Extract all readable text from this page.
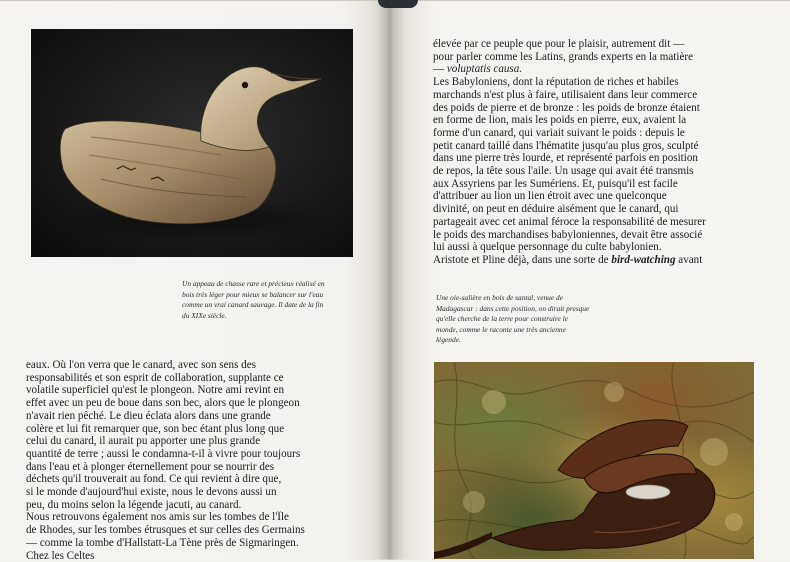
Un appeau de chasse rare et précieux réalisé en
bois très léger pour mieux se balancer sur l'eau
comme un vrai canard sauvage. Il date de la fin
du XIXe siècle.
eaux. Où l'on verra que le canard, avec son sens des
responsabilités et son esprit de collaboration, supplante ce
volatile superficiel qu'est le plongeon. Notre ami revint en
effet avec un peu de boue dans son bec, alors que le plongeon
n'avait rien pêché. Le dieu éclata alors dans une grande
colère et lui fit remarquer que, son bec étant plus long que
celui du canard, il aurait pu apporter une plus grande
quantité de terre ; aussi le condamna-t-il à vivre pour toujours
dans l'eau et à plonger éternellement pour se nourrir des
déchets qu'il trouverait au fond. Ce qui revient à dire que,
si le monde d'aujourd'hui existe, nous le devons aussi un
peu, du moins selon la légende jacuti, au canard.
Nous retrouvons également nos amis sur les tombes de l'Île
de Rhodes, sur les tombes étrusques et sur celles des Germains
— comme la tombe d'Hallstatt-La Tène près de Sigmaringen.
Chez les Celtes
élevée par ce peuple que pour le plaisir, autrement dit —
pour parler comme les Latins, grands experts en la matière
— voluptatis causa.
Les Babyloniens, dont la réputation de riches et habiles
marchands n'est plus à faire, utilisaient dans leur commerce
des poids de pierre et de bronze : les poids de bronze étaient
en forme de lion, mais les poids en pierre, eux, avaient la
forme d'un canard, qui variait suivant le poids : depuis le
petit canard taillé dans l'hématite jusqu'au plus gros, sculpté
dans une pierre très lourde, et représenté parfois en position
de repos, la tête sous l'aile. Un usage qui avait été transmis
aux Assyriens par les Sumériens. Et, puisqu'il est facile
d'attribuer au lion un lien étroit avec une quelconque
divinité, on peut en déduire aisément que le canard, qui
partageait avec cet animal féroce la responsabilité de mesurer
le poids des marchandises babyloniennes, devait être associé
lui aussi à quelque personnage du culte babylonien.
Aristote et Pline déjà, dans une sorte de bird-watching avant
Une oie-salière en bois de santal, venue de
Madagascar : dans cette position, on dirait presque
qu'elle cherche de la terre pour construire le
monde, comme le raconte une très ancienne
légende.
